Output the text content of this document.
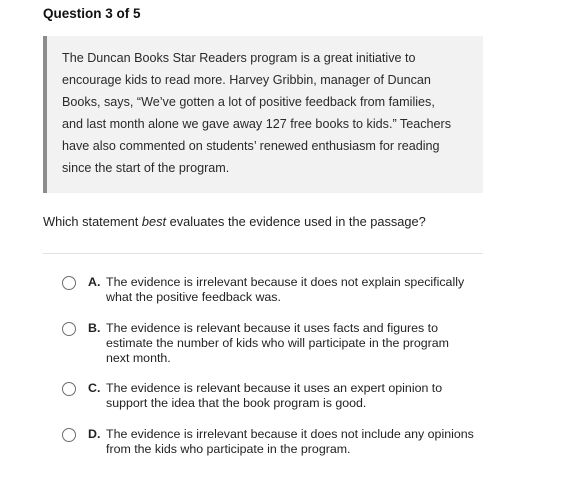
Question 3 of 5
The Duncan Books Star Readers program is a great initiative to
encourage kids to read more. Harvey Gribbin, manager of Duncan
Books, says, “We’ve gotten a lot of positive feedback from families,
and last month alone we gave away 127 free books to kids.” Teachers
have also commented on students’ renewed enthusiasm for reading
since the start of the program.
Which statement best evaluates the evidence used in the passage?
A. The evidence is irrelevant because it does not explain specifically
what the positive feedback was.
B. The evidence is relevant because it uses facts and figures to
estimate the number of kids who will participate in the program
next month.
C. The evidence is relevant because it uses an expert opinion to
support the idea that the book program is good.
D. The evidence is irrelevant because it does not include any opinions
from the kids who participate in the program.
